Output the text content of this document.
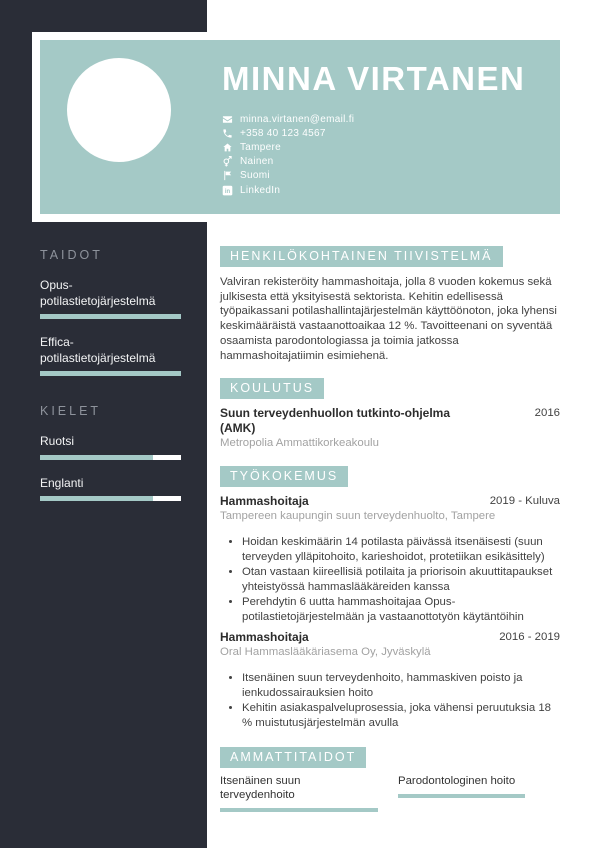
TAIDOT
Opus-potilastietojärjestelmä
Effica-potilastietojärjestelmä
KIELET
Ruotsi
Englanti
MINNA VIRTANEN
minna.virtanen@email.fi
+358 40 123 4567
Tampere
Nainen
Suomi
in LinkedIn
HENKILÖKOHTAINEN TIIVISTELMÄ

Valviran rekisteröity hammashoitaja, jolla 8 vuoden kokemus sekä julkisesta että yksityisestä sektorista. Kehitin edellisessä työpaikassani potilashallintajärjestelmän käyttöönoton, joka lyhensi keskimääräistä vastaanottoaikaa 12 %. Tavoitteenani on syventää osaamista parodontologiassa ja toimia jatkossa hammashoitajatiimin esimiehenä.

KOULUTUS
Suun terveydenhuollon tutkinto-ohjelma (AMK)
2016
Metropolia Ammattikorkeakoulu
TYÖKOKEMUS
Hammashoitaja	2019 - Kuluva
Tampereen kaupungin suun terveydenhuolto, Tampere
• Hoidan keskimäärin 14 potilasta päivässä itsenäisesti (suun terveyden ylläpitohoito, karieshoidot, protetiikan esikäsittely)
• Otan vastaan kiireellisiä potilaita ja priorisoin akuuttitapaukset yhteistyössä hammaslääkäreiden kanssa
• Perehdytin 6 uutta hammashoitajaa Opus-potilastietojärjestelmään ja vastaanottotyön käytäntöihin
Hammashoitaja	2016 - 2019
Oral Hammaslääkäriasema Oy, Jyväskylä
• Itsenäinen suun terveydenhoito, hammaskiven poisto ja ienkudossairauksien hoito
• Kehitin asiakaspalveluprosessia, joka vähensi peruutuksia 18 % muistutusjärjestelmän avulla
AMMATTITAIDOT
Itsenäinen suun terveydenhoito
Parodontologinen hoito
